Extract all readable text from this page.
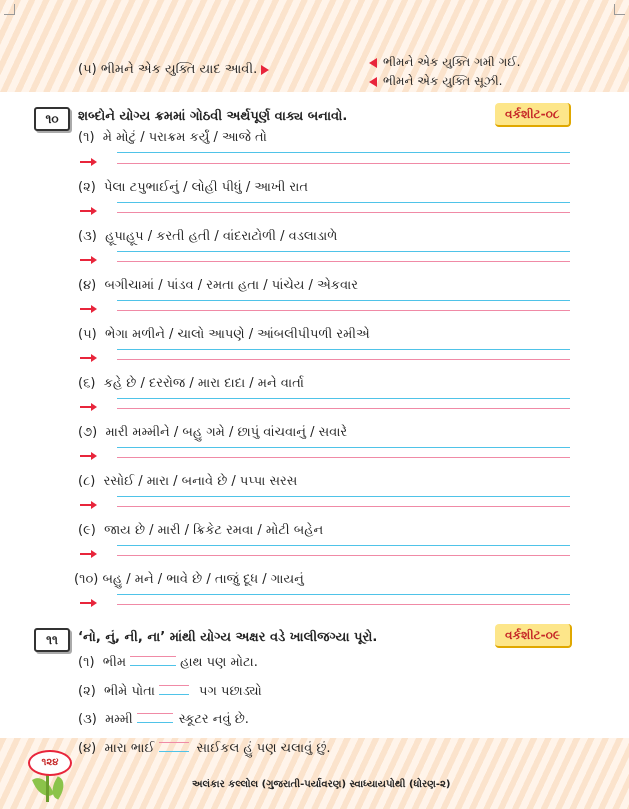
(૫) ભીમને એક યુક્તિ યાદ આવી.	ભીમને એક યુક્તિ ગમી ગઈ.
ભીમને એક યુક્તિ સૂઝી.
૧૦	શબ્દોને યોગ્ય ક્રમમાં ગોઠવી અર્થપૂર્ણ વાક્ય બનાવો.	વર્કશીટ-૦૮
(૧) મે મોટું / પરાક્રમ કર્યું / આજે તો
(૨) પેલા ટપુભાઈનું / લોહી પીધું / આખી રાત
(૩) હૂપાહૂપ / કરતી હતી / વાંદરાટોળી / વડલાડાળે
(૪) બગીચામાં / પાંડવ / રમતા હતા / પાંચેય / એકવાર
(૫) ભેગા મળીને / ચાલો આપણે / આંબલીપીપળી રમીએ
(૬) કહે છે / દરરોજ / મારા દાદા / મને વાર્તા
(૭) મારી મમ્મીને / બહુ ગમે / છાપું વાંચવાનું / સવારે
(૮) રસોઈ / મારા / બનાવે છે / પપ્પા સરસ
(૯) જાય છે / મારી / ક્રિકેટ રમવા / મોટી બહેન
(૧૦) બહુ / મને / ભાવે છે / તાજું દૂધ / ગાયનું
૧૧	‘નો, નું, ની, ના’ માંથી યોગ્ય અક્ષર વડે ખાલીજગ્યા પૂરો.	વર્કશીટ-૦૯
(૧) ભીમ	હાથ પણ મોટા.
(૨) ભીમે પોતા	પગ પછાડ્યો
(૩) મમ્મી	સ્કૂટર નવું છે.
(૪) મારા ભાઈ	સાઈકલ હું પણ ચલાવું છું.
૧૨૪
અલંકાર કલ્લોલ (ગુજરાતી-પર્યાવરણ) સ્વાધ્યાયપોથી (ધોરણ-૨)
